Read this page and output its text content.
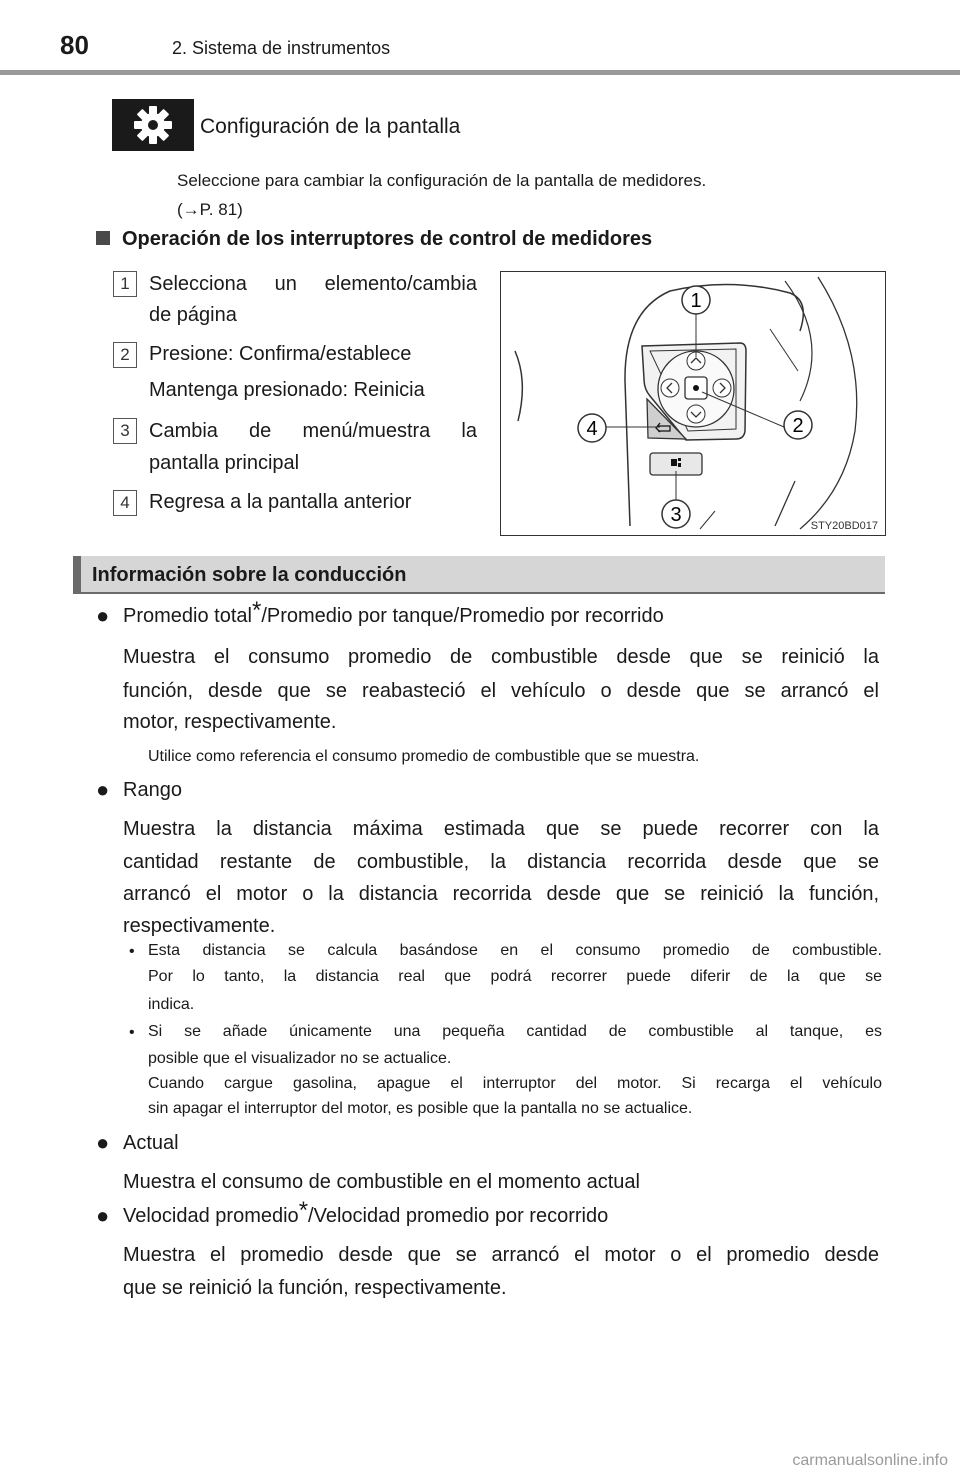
80	2. Sistema de instrumentos
Configuración de la pantalla
Seleccione para cambiar la configuración de la pantalla de medidores.
(→P. 81)
Operación de los interruptores de control de medidores
1 Selecciona un elemento/cambia
de página
2 Presione: Confirma/establece
Mantenga presionado: Reinicia
3 Cambia de menú/muestra la
pantalla principal
4 Regresa a la pantalla anterior
1
2
3
4
STY20BD017
Información sobre la conducción
● Promedio total*/Promedio por tanque/Promedio por recorrido
Muestra el consumo promedio de combustible desde que se reinició la
función, desde que se reabasteció el vehículo o desde que se arrancó el
motor, respectivamente.
Utilice como referencia el consumo promedio de combustible que se muestra.
● Rango
Muestra la distancia máxima estimada que se puede recorrer con la
cantidad restante de combustible, la distancia recorrida desde que se
arrancó el motor o la distancia recorrida desde que se reinició la función,
respectivamente.
• Esta distancia se calcula basándose en el consumo promedio de combustible.
Por lo tanto, la distancia real que podrá recorrer puede diferir de la que se
indica.
• Si se añade únicamente una pequeña cantidad de combustible al tanque, es
posible que el visualizador no se actualice.
Cuando cargue gasolina, apague el interruptor del motor. Si recarga el vehículo
sin apagar el interruptor del motor, es posible que la pantalla no se actualice.
● Actual
Muestra el consumo de combustible en el momento actual
● Velocidad promedio*/Velocidad promedio por recorrido
Muestra el promedio desde que se arrancó el motor o el promedio desde
que se reinició la función, respectivamente.
carmanualsonline.info
